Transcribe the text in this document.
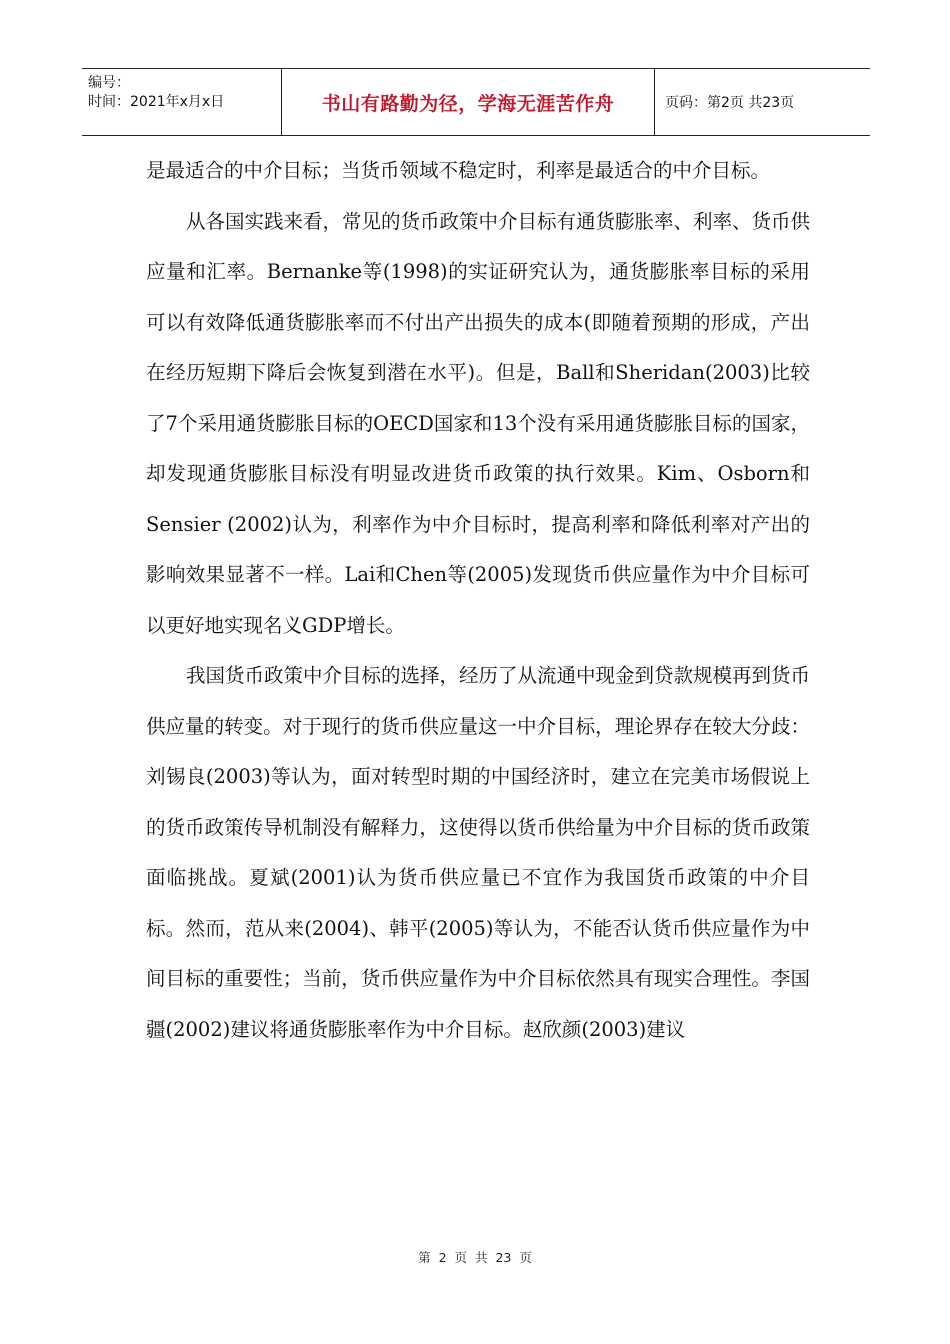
编号：
时间：2021年x月x日	书山有路勤为径，学海无涯苦作舟	页码：第2页 共23页

是最适合的中介目标；当货币领域不稳定时，利率是最适合的中介目标。

从各国实践来看，常见的货币政策中介目标有通货膨胀率、利率、货币供应量和汇率。Bernanke等(1998)的实证研究认为，通货膨胀率目标的采用可以有效降低通货膨胀率而不付出产出损失的成本(即随着预期的形成，产出在经历短期下降后会恢复到潜在水平)。但是，Ball和Sheridan(2003)比较了7个采用通货膨胀目标的OECD国家和13个没有采用通货膨胀目标的国家，却发现通货膨胀目标没有明显改进货币政策的执行效果。Kim、Osborn和Sensier (2002)认为，利率作为中介目标时，提高利率和降低利率对产出的影响效果显著不一样。Lai和Chen等(2005)发现货币供应量作为中介目标可以更好地实现名义GDP增长。

我国货币政策中介目标的选择，经历了从流通中现金到贷款规模再到货币供应量的转变。对于现行的货币供应量这一中介目标，理论界存在较大分歧：刘锡良(2003)等认为，面对转型时期的中国经济时，建立在完美市场假说上的货币政策传导机制没有解释力，这使得以货币供给量为中介目标的货币政策面临挑战。夏斌(2001)认为货币供应量已不宜作为我国货币政策的中介目标。然而，范从来(2004)、韩平(2005)等认为，不能否认货币供应量作为中间目标的重要性；当前，货币供应量作为中介目标依然具有现实合理性。李国疆(2002)建议将通货膨胀率作为中介目标。赵欣颜(2003)建议

第 2 页 共 23 页
